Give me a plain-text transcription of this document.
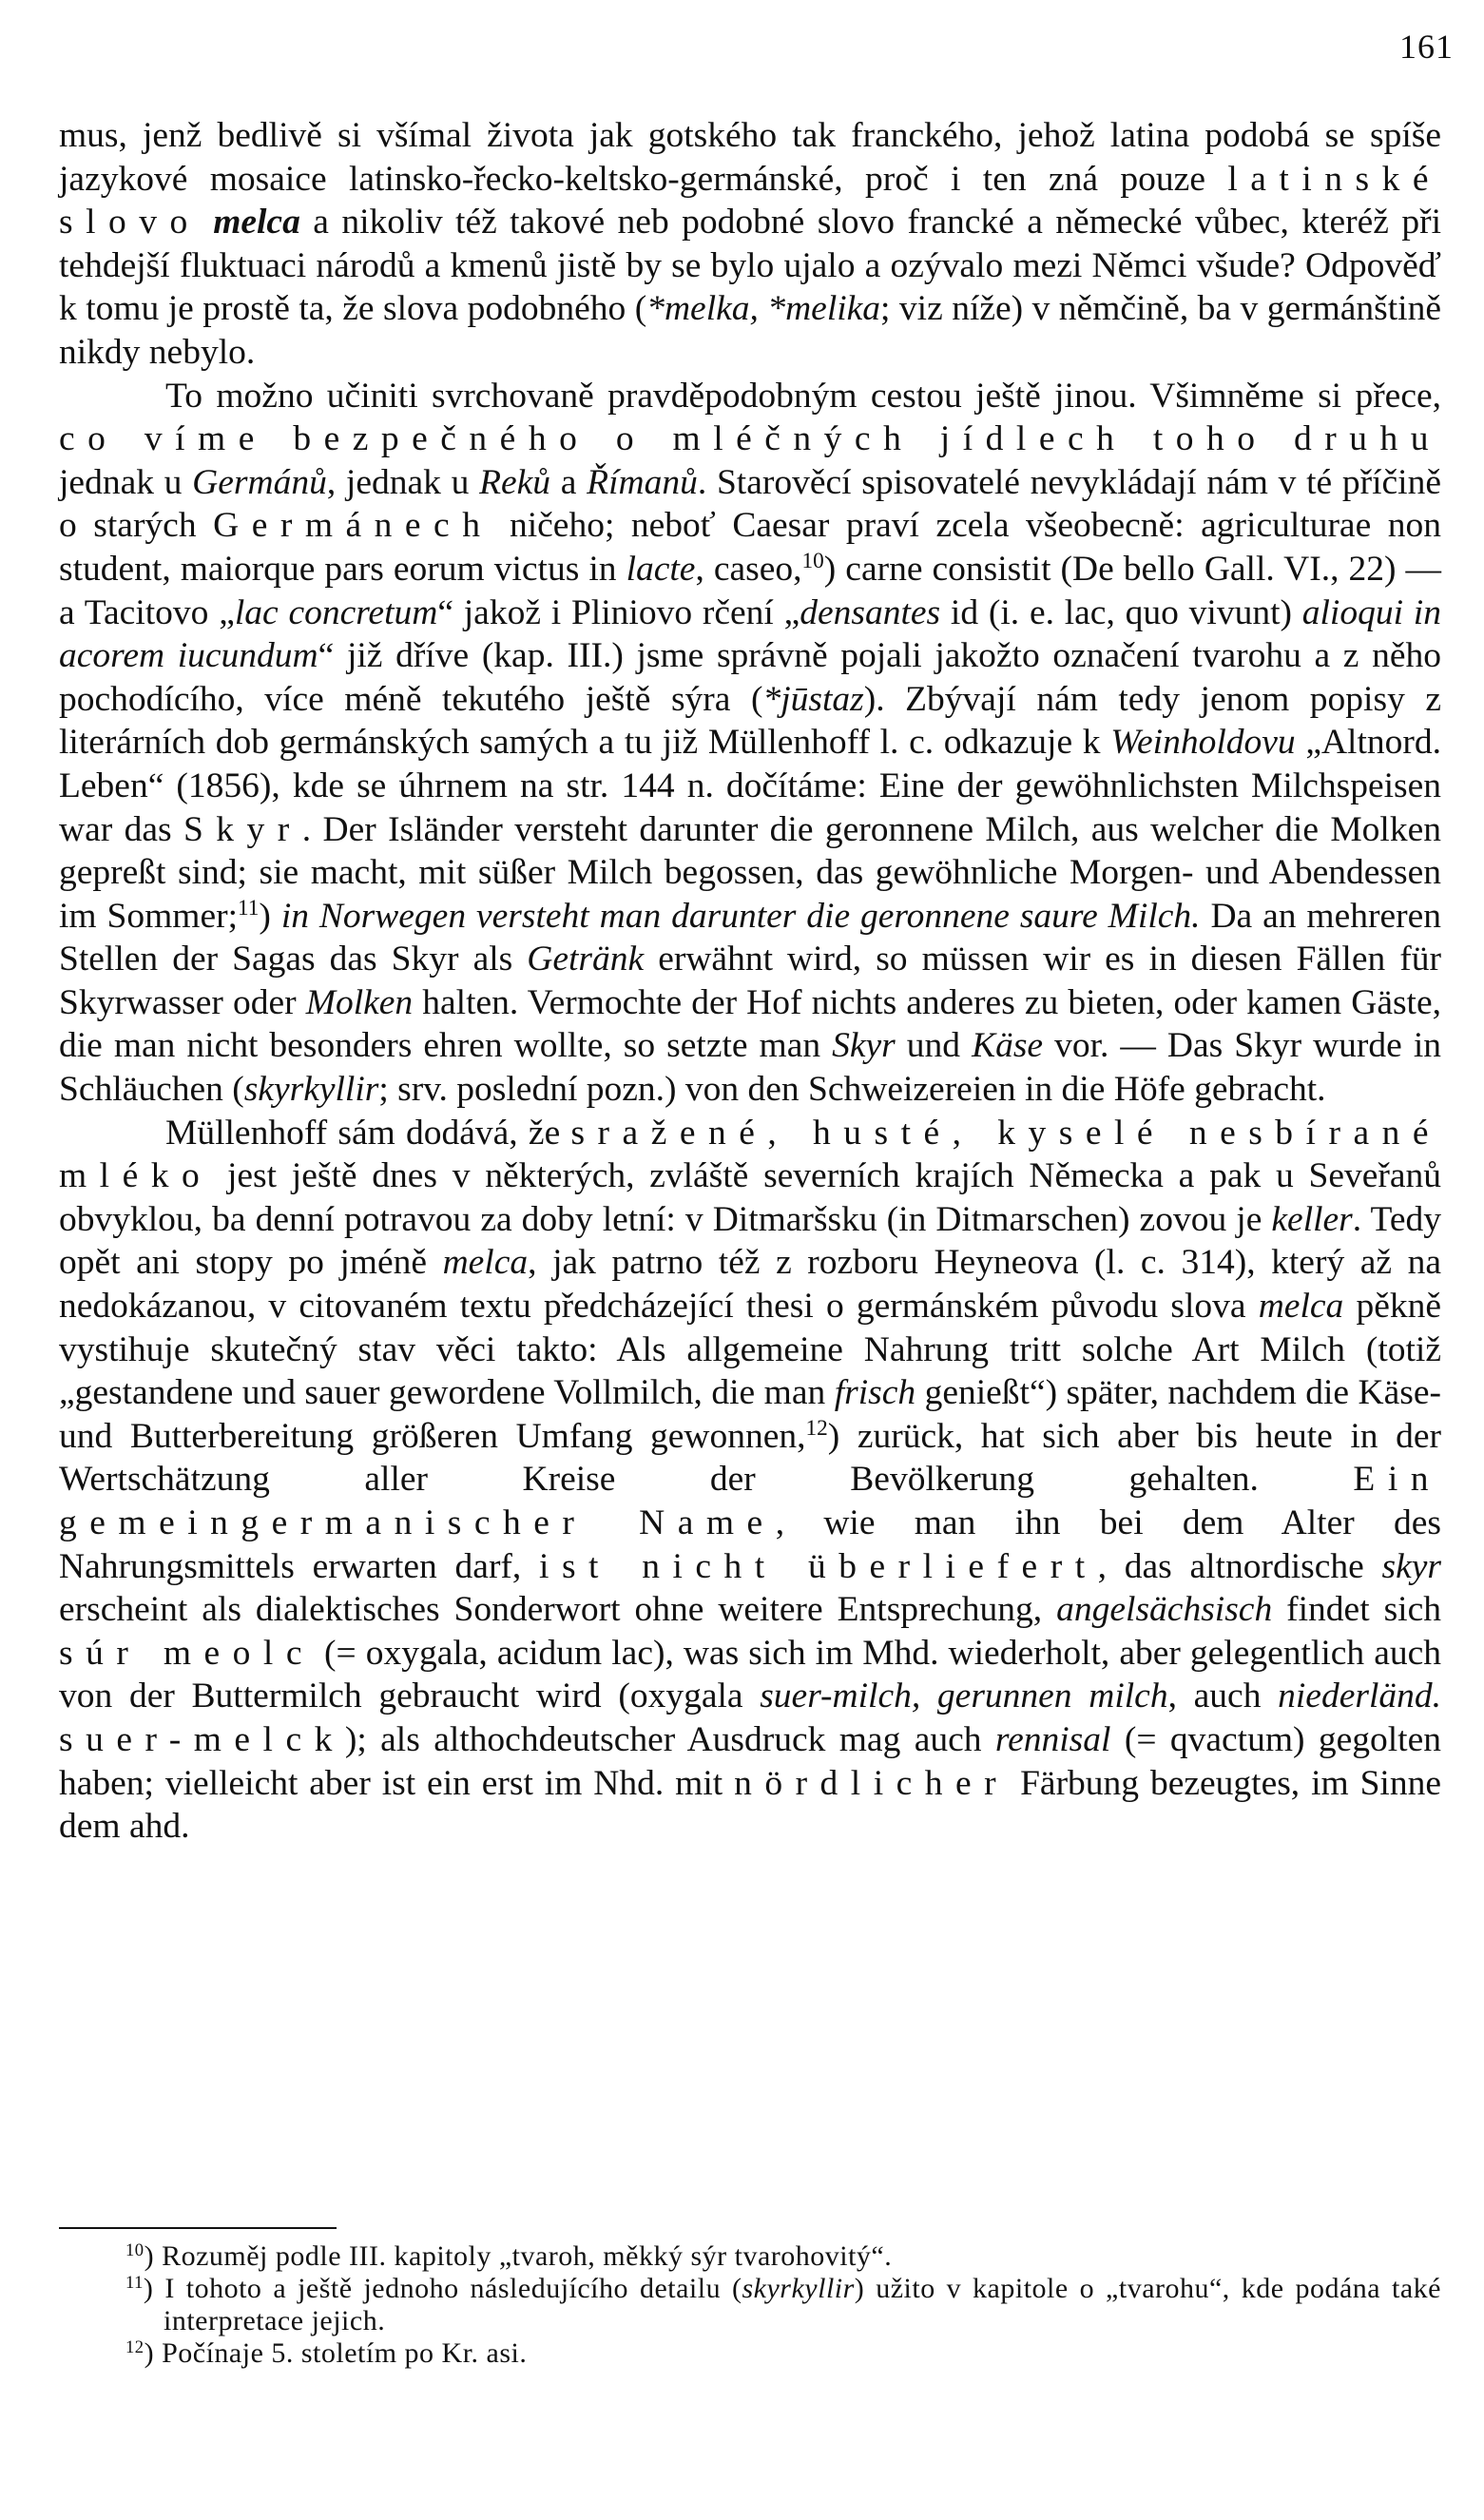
161

mus, jenž bedlivě si všímal života jak gotského tak franckého, jehož latina podobá se spíše jazykové mosaice latinsko-řecko-keltsko-germánské, proč i ten zná pouze latinské slovo melca a nikoliv též takové neb podobné slovo francké a německé vůbec, kteréž při tehdejší fluktuaci národů a kmenů jistě by se bylo ujalo a ozývalo mezi Němci všude? Odpověď k tomu je prostě ta, že slova podobného (*melka, *melika; viz níže) v němčině, ba v germánštině nikdy nebylo.

To možno učiniti svrchovaně pravděpodobným cestou ještě jinou. Všimněme si přece, co víme bezpečného o mléčných jídlech toho druhu jednak u Germánů, jednak u Reků a Římanů. Starověcí spisovatelé nevykládají nám v té příčině o starých Germánech ničeho; neboť Caesar praví zcela všeobecně: agriculturae non student, maiorque pars eorum victus in lacte, caseo,$^{10}$) carne consistit (De bello Gall. VI., 22) — a Tacitovo „lac concretum“ jakož i Pliniovo rčení „densantes id (i. e. lac, quo vivunt) alioqui in acorem iucundum“ již dříve (kap. III.) jsme správně pojali jakožto označení tvarohu a z něho pochodícího, více méně tekutého ještě sýra (*jūstaz). Zbývají nám tedy jenom popisy z literárních dob germánských samých a tu již Müllenhoff l. c. odkazuje k Weinholdovu „Altnord. Leben“ (1856), kde se úhrnem na str. 144 n. dočítáme: Eine der gewöhnlichsten Milchspeisen war das Skyr. Der Isländer versteht darunter die geronnene Milch, aus welcher die Molken gepreßt sind; sie macht, mit süßer Milch begossen, das gewöhnliche Morgen- und Abendessen im Sommer;$^{11}$) in Norwegen versteht man darunter die geronnene saure Milch. Da an mehreren Stellen der Sagas das Skyr als Getränk erwähnt wird, so müssen wir es in diesen Fällen für Skyrwasser oder Molken halten. Vermochte der Hof nichts anderes zu bieten, oder kamen Gäste, die man nicht besonders ehren wollte, so setzte man Skyr und Käse vor. — Das Skyr wurde in Schläuchen (skyrkyllir; srv. poslední pozn.) von den Schweizereien in die Höfe gebracht.

Müllenhoff sám dodává, že sražené, husté, kyselé nesbírané mléko jest ještě dnes v některých, zvláště severních krajích Německa a pak u Seveřanů obvyklou, ba denní potravou za doby letní: v Ditmaršsku (in Ditmarschen) zovou je keller. Tedy opět ani stopy po jméně melca, jak patrno též z rozboru Heyneova (l. c. 314), který až na nedokázanou, v citovaném textu předcházející thesi o germánském původu slova melca pěkně vystihuje skutečný stav věci takto: Als allgemeine Nahrung tritt solche Art Milch (totiž „gestandene und sauer gewordene Vollmilch, die man frisch genießt“) später, nachdem die Käse- und Butterbereitung größeren Umfang gewonnen,$^{12}$) zurück, hat sich aber bis heute in der Wertschätzung aller Kreise der Bevölkerung gehalten. Ein gemeingermanischer Name, wie man ihn bei dem Alter des Nahrungsmittels erwarten darf, ist nicht überliefert, das altnordische skyr erscheint als dialektisches Sonderwort ohne weitere Entsprechung, angelsächsisch findet sich súr meolc (= oxygala, acidum lac), was sich im Mhd. wiederholt, aber gelegentlich auch von der Buttermilch gebraucht wird (oxygala suer-milch, gerunnen milch, auch niederländ. suer-melck); als althochdeutscher Ausdruck mag auch rennisal (= qvactum) gegolten haben; vielleicht aber ist ein erst im Nhd. mit nördlicher Färbung bezeugtes, im Sinne dem ahd.

$^{10}$) Rozuměj podle III. kapitoly „tvaroh, měkký sýr tvarohovitý“.

$^{11}$) I tohoto a ještě jednoho následujícího detailu (skyrkyllir) užito v kapitole o „tvarohu“, kde podána také interpretace jejich.

$^{12}$) Počínaje 5. stoletím po Kr. asi.
